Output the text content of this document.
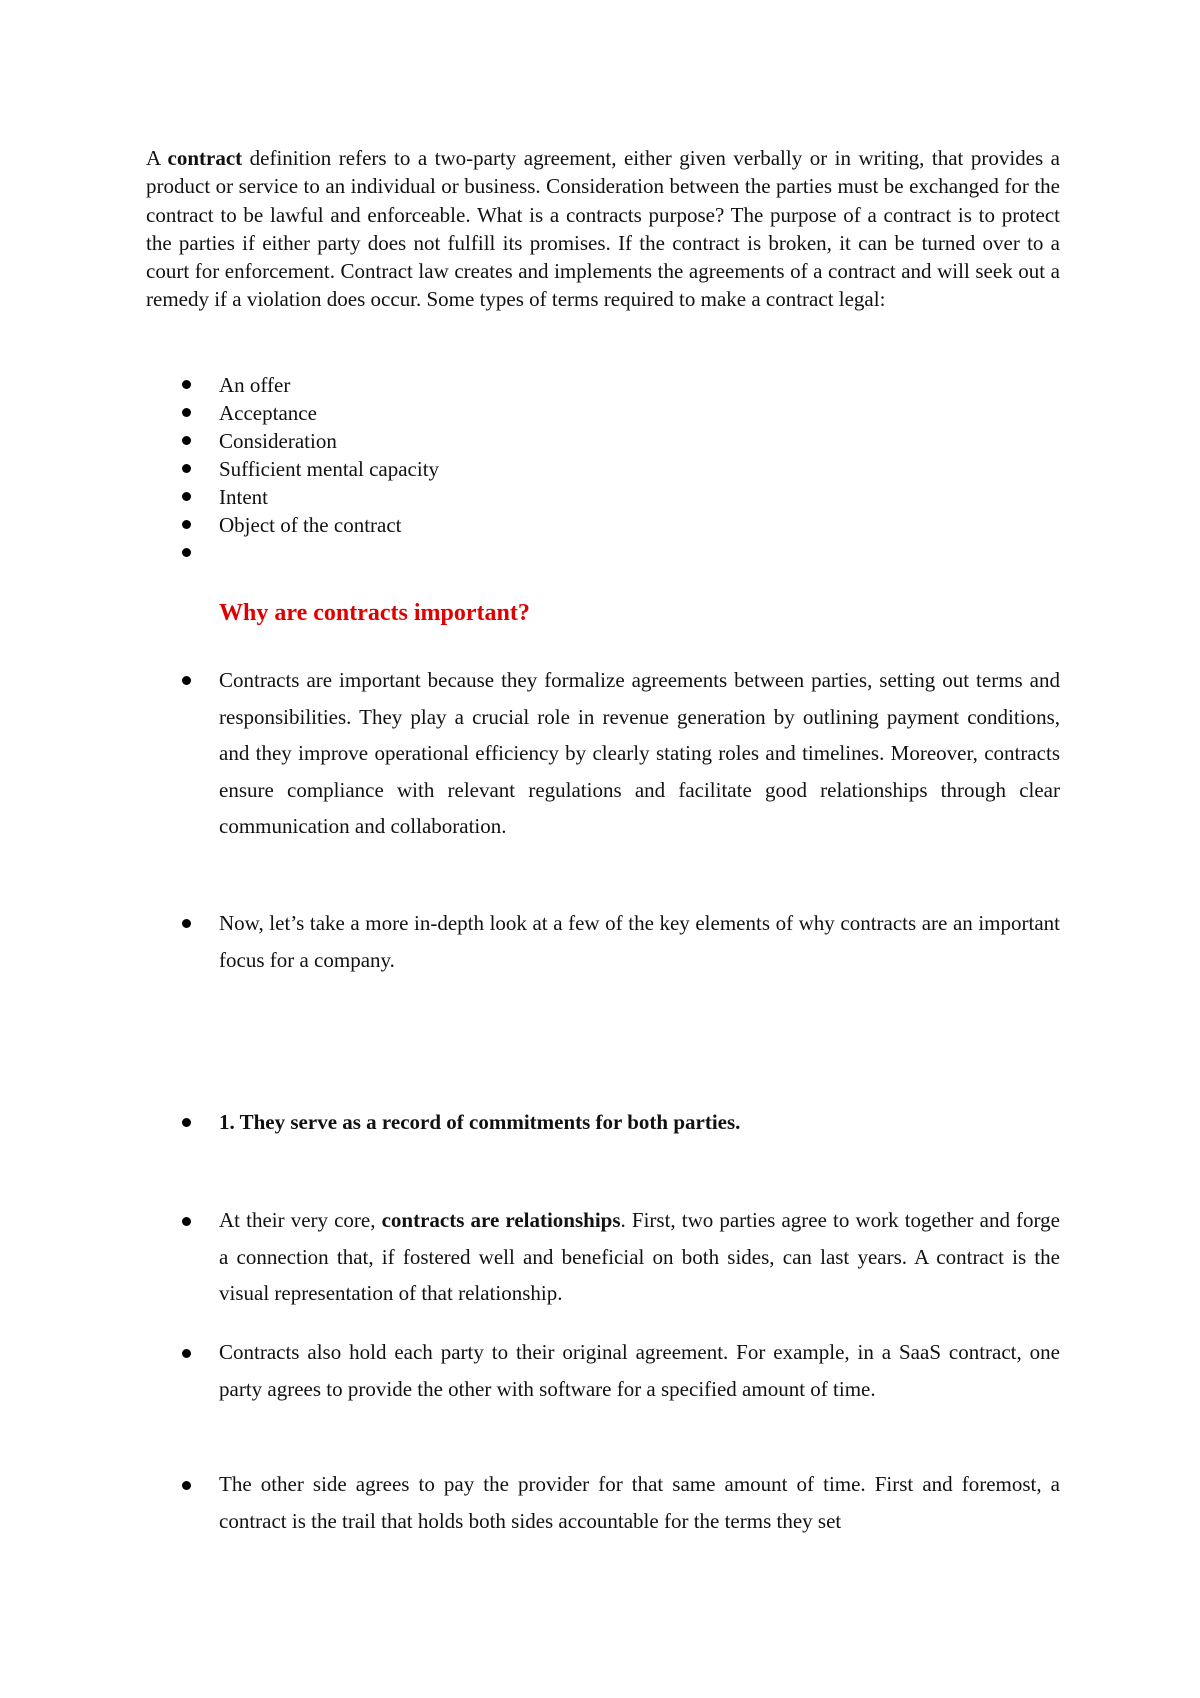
A contract definition refers to a two-party agreement, either given verbally or in writing, that provides a product or service to an individual or business. Consideration between the parties must be exchanged for the contract to be lawful and enforceable. What is a contracts purpose? The purpose of a contract is to protect the parties if either party does not fulfill its promises. If the contract is broken, it can be turned over to a court for enforcement. Contract law creates and implements the agreements of a contract and will seek out a remedy if a violation does occur. Some types of terms required to make a contract legal:

An offer
Acceptance
Consideration
Sufficient mental capacity
Intent
Object of the contract
Why are contracts important?

Contracts are important because they formalize agreements between parties, setting out terms and responsibilities. They play a crucial role in revenue generation by outlining payment conditions, and they improve operational efficiency by clearly stating roles and timelines. Moreover, contracts ensure compliance with relevant regulations and facilitate good relationships through clear communication and collaboration.

Now, let’s take a more in-depth look at a few of the key elements of why contracts are an important focus for a company.

1. They serve as a record of commitments for both parties.

At their very core, contracts are relationships. First, two parties agree to work together and forge a connection that, if fostered well and beneficial on both sides, can last years. A contract is the visual representation of that relationship.

Contracts also hold each party to their original agreement. For example, in a SaaS contract, one party agrees to provide the other with software for a specified amount of time.

The other side agrees to pay the provider for that same amount of time. First and foremost, a contract is the trail that holds both sides accountable for the terms they set
